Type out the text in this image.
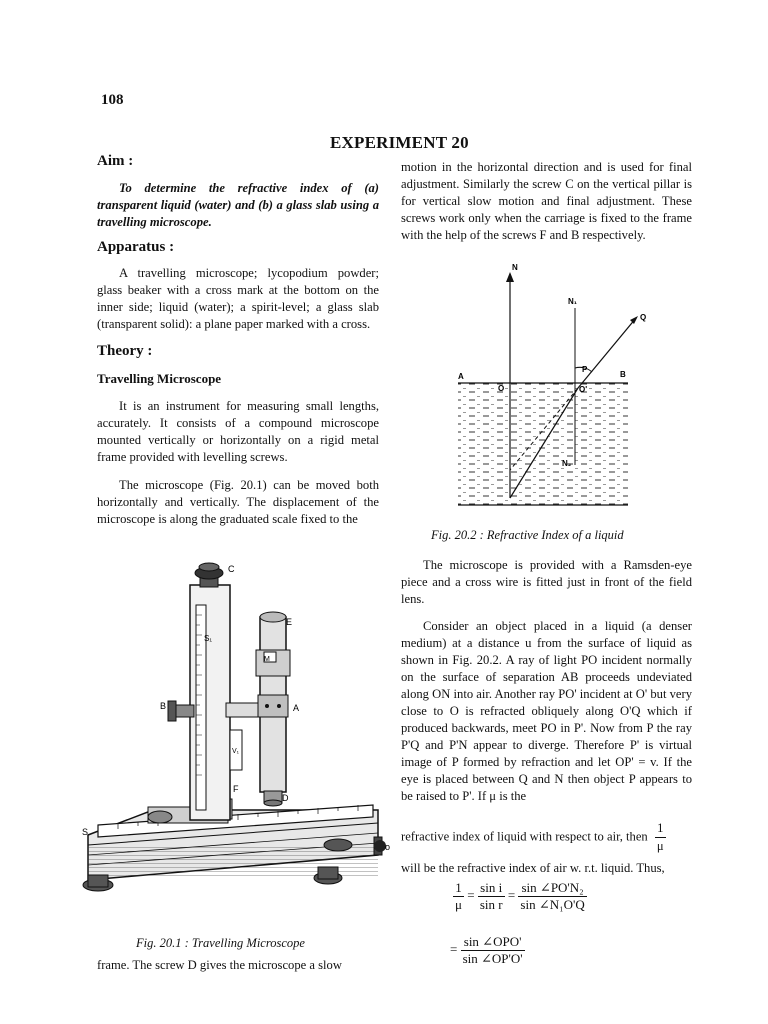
108
EXPERIMENT 20

Aim :

To determine the refractive index of (a) transparent liquid (water) and (b) a glass slab using a travelling microscope.

Apparatus :

A travelling microscope; lycopodium powder; glass beaker with a cross mark at the bottom on the inner side; liquid (water); a spirit-level; a glass slab (transparent solid): a plane paper marked with a cross.

Theory :

Travelling Microscope

It is an instrument for measuring small lengths, accurately. It consists of a compound microscope mounted vertically or horizontally on a rigid metal frame provided with levelling screws.

The microscope (Fig. 20.1) can be moved both horizontally and vertically. The displacement of the microscope is along the graduated scale fixed to the

C
S₁
M
E
B	A
V₁
F
D
S
o
Fig. 20.1 : Travelling Microscope
frame. The screw D gives the microscope a slow
motion in the horizontal direction and is used for final adjustment. Similarly the screw C on the vertical pillar is for vertical slow motion and final adjustment. These screws work only when the carriage is fixed to the frame with the help of the screws F and B respectively.
N
N₁
Q
A	B
O	O'
P
N₂
Fig. 20.2 : Refractive Index of a liquid

The microscope is provided with a Ramsden-eye piece and a cross wire is fitted just in front of the field lens.

Consider an object placed in a liquid (a denser medium) at a distance u from the surface of liquid as shown in Fig. 20.2. A ray of light PO incident normally on the surface of separation AB proceeds undeviated along ON into air. Another ray PO' incident at O' but very close to O is refracted obliquely along O'Q which if produced backwards, meet PO in P'. Now from P the ray P'Q and P'N appear to diverge. Therefore P' is virtual image of P formed by refraction and let OP' = v. If the eye is placed between Q and N then object P appears to be raised to P'. If μ is the

refractive index of liquid with respect to air, then $\frac{1}{\mu}$
will be the refractive index of air w. r.t. liquid. Thus,
$\frac{1}{\mu} = \frac{\text{sin i}}{\text{sin r}} = \frac{\text{sin ∠PO'N₂}}{\text{sin ∠N₁O'Q}}$
= $\frac{\text{sin ∠OPO'}}{\sin \angle OP'O'}$
